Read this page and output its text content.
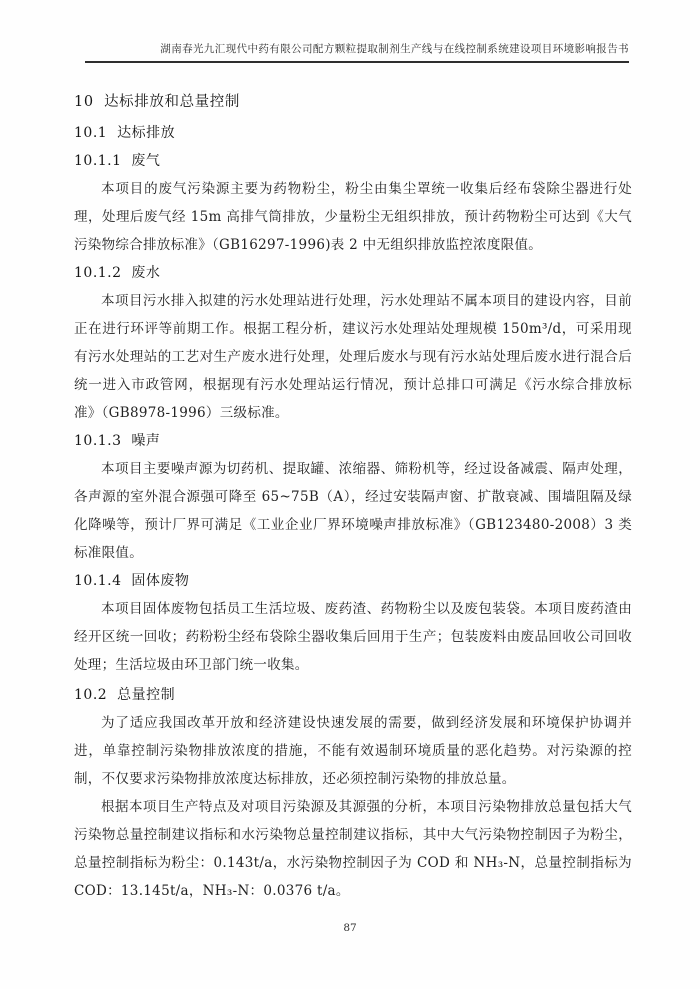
湖南春光九汇现代中药有限公司配方颗粒提取制剂生产线与在线控制系统建设项目环境影响报告书
10  达标排放和总量控制
10.1  达标排放
10.1.1  废气

本项目的废气污染源主要为药物粉尘，粉尘由集尘罩统一收集后经布袋除尘器进行处理，处理后废气经 15m 高排气筒排放，少量粉尘无组织排放，预计药物粉尘可达到《大气污染物综合排放标准》（GB16297-1996)表 2 中无组织排放监控浓度限值。

10.1.2  废水

本项目污水排入拟建的污水处理站进行处理，污水处理站不属本项目的建设内容，目前正在进行环评等前期工作。根据工程分析，建议污水处理站处理规模 150m³/d，可采用现有污水处理站的工艺对生产废水进行处理，处理后废水与现有污水站处理后废水进行混合后统一进入市政管网，根据现有污水处理站运行情况，预计总排口可满足《污水综合排放标准》（GB8978-1996）三级标准。

10.1.3  噪声

本项目主要噪声源为切药机、提取罐、浓缩器、筛粉机等，经过设备减震、隔声处理，各声源的室外混合源强可降至 65~75B（A），经过安装隔声窗、扩散衰减、围墙阻隔及绿化降噪等，预计厂界可满足《工业企业厂界环境噪声排放标准》（GB123480-2008）3 类标准限值。

10.1.4  固体废物

本项目固体废物包括员工生活垃圾、废药渣、药物粉尘以及废包装袋。本项目废药渣由经开区统一回收；药粉粉尘经布袋除尘器收集后回用于生产；包装废料由废品回收公司回收处理；生活垃圾由环卫部门统一收集。

10.2  总量控制

为了适应我国改革开放和经济建设快速发展的需要，做到经济发展和环境保护协调并进，单靠控制污染物排放浓度的措施，不能有效遏制环境质量的恶化趋势。对污染源的控制，不仅要求污染物排放浓度达标排放，还必须控制污染物的排放总量。

根据本项目生产特点及对项目污染源及其源强的分析，本项目污染物排放总量包括大气污染物总量控制建议指标和水污染物总量控制建议指标，其中大气污染物控制因子为粉尘，总量控制指标为粉尘：0.143t/a，水污染物控制因子为 COD 和 NH₃-N，总量控制指标为 COD：13.145t/a，NH₃-N：0.0376 t/a。

87
